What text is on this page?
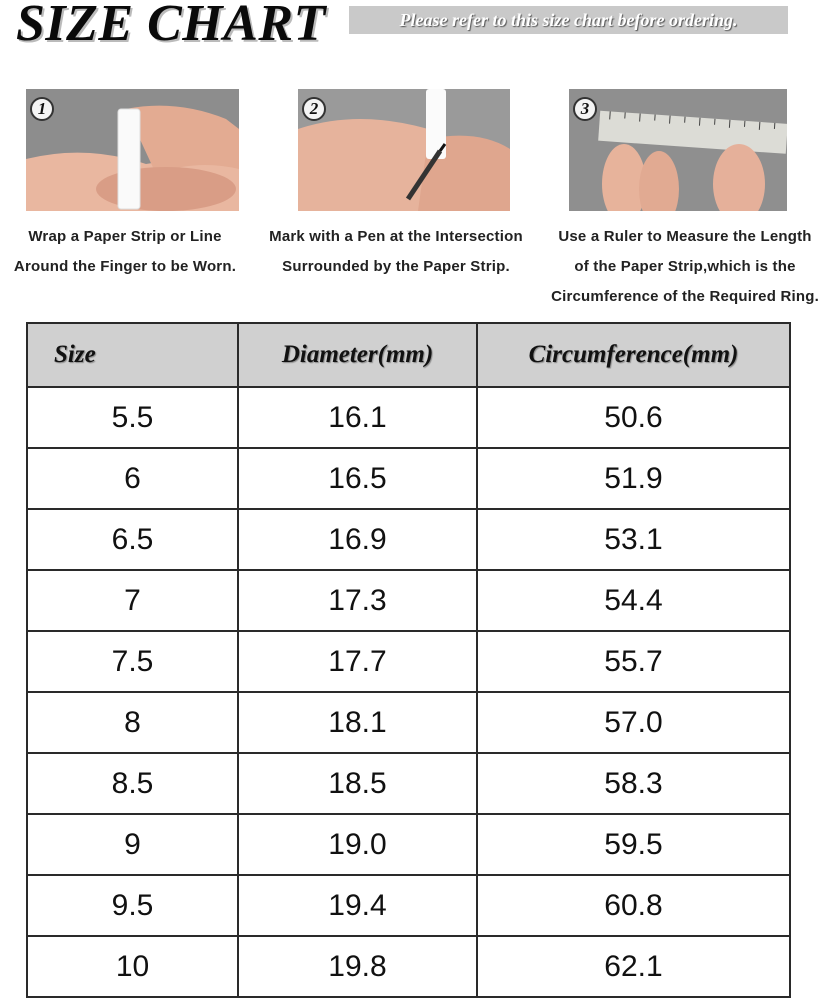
SIZE CHART	Please refer to this size chart before ordering.
1	2	3
Wrap a Paper Strip or Line
Around the Finger to be Worn.
Mark with a Pen at the Intersection
Surrounded by the Paper Strip.
Use a Ruler to Measure the Length
of the Paper Strip,which is the
Circumference of the Required Ring.
Size	Diameter(mm)	Circumference(mm)
5.5	16.1	50.6
6	16.5	51.9
6.5	16.9	53.1
7	17.3	54.4
7.5	17.7	55.7
8	18.1	57.0
8.5	18.5	58.3
9	19.0	59.5
9.5	19.4	60.8
10	19.8	62.1
